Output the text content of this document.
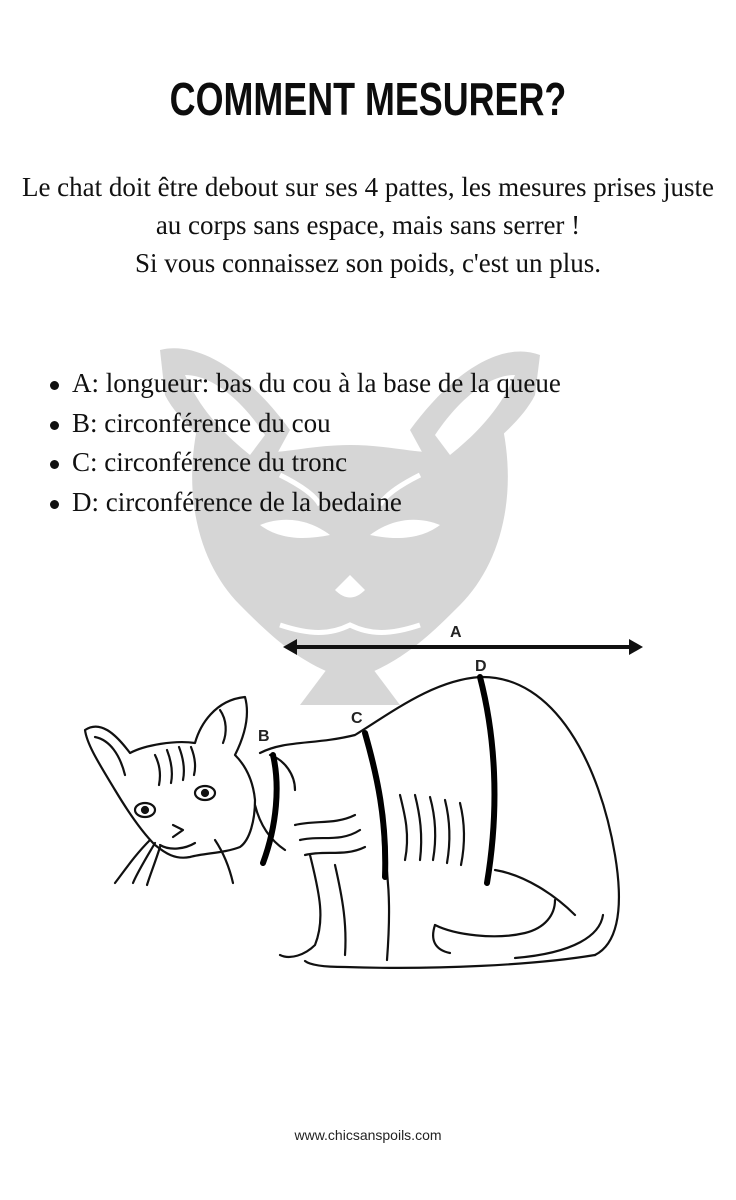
COMMENT MESURER?

Le chat doit être debout sur ses 4 pattes, les mesures prises juste au corps sans espace, mais sans serrer !

Si vous connaissez son poids, c'est un plus.

A: longueur: bas du cou à la base de la queue
B: circonférence du cou
C: circonférence du tronc
D: circonférence de la bedaine
A
D
C
B
www.chicsanspoils.com
